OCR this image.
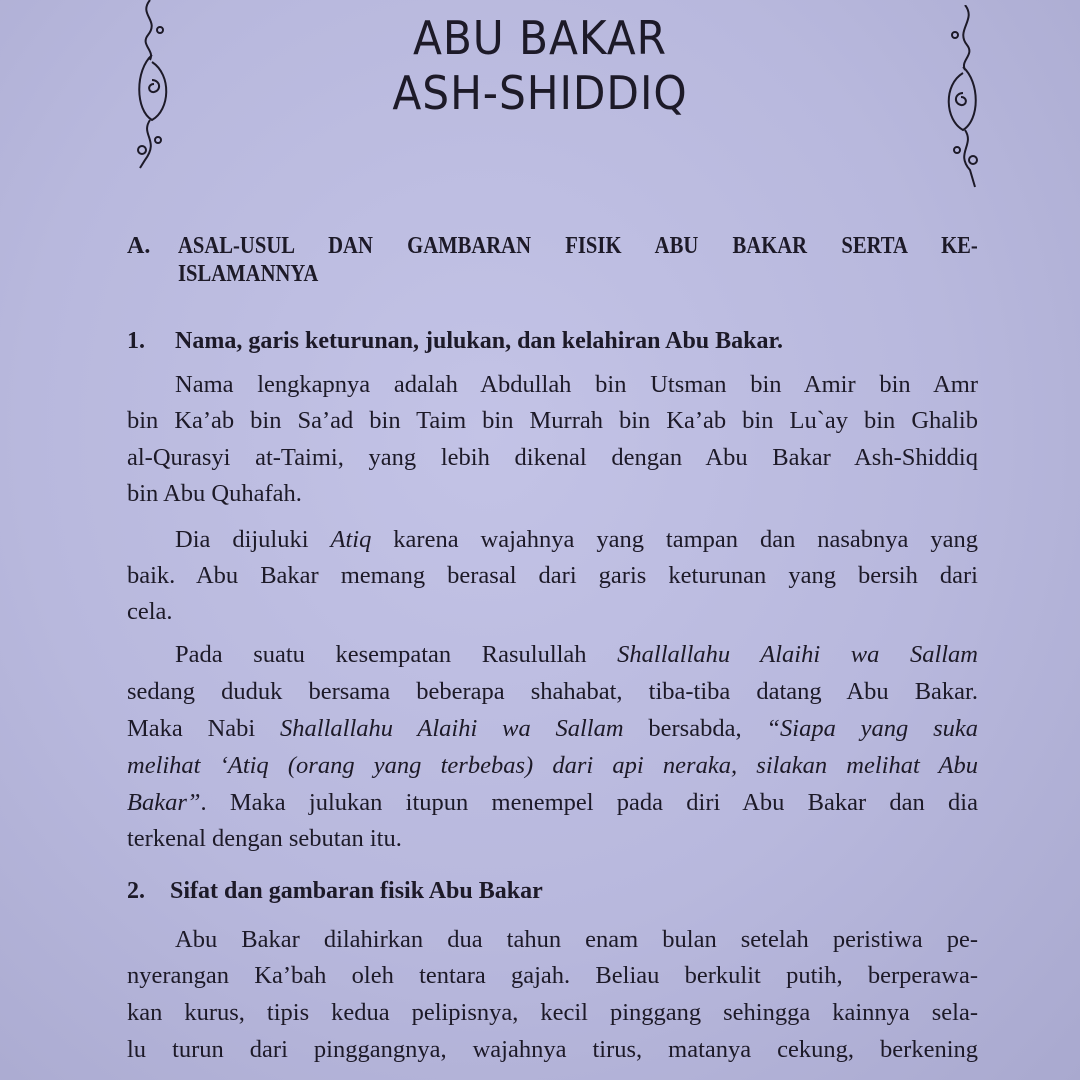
ABU BAKAR
ASH-SHIDDIQ
A. ASAL-USUL DAN GAMBARAN FISIK ABU BAKAR SERTA KE-
ISLAMANNYA
1. Nama, garis keturunan, julukan, dan kelahiran Abu Bakar.
2. Sifat dan gambaran fisik Abu Bakar
Nama lengkapnya adalah Abdullah bin Utsman bin Amir bin Amr
bin Ka’ab bin Sa’ad bin Taim bin Murrah bin Ka’ab bin Lu`ay bin Ghalib
al-Qurasyi at-Taimi, yang lebih dikenal dengan Abu Bakar Ash-Shiddiq
bin Abu Quhafah.
Dia dijuluki Atiq karena wajahnya yang tampan dan nasabnya yang
baik. Abu Bakar memang berasal dari garis keturunan yang bersih dari
cela.
Pada suatu kesempatan Rasulullah Shallallahu Alaihi wa Sallam
sedang duduk bersama beberapa shahabat, tiba-tiba datang Abu Bakar.
Maka Nabi Shallallahu Alaihi wa Sallam bersabda, “Siapa yang suka
melihat ‘Atiq (orang yang terbebas) dari api neraka, silakan melihat Abu
Bakar”. Maka julukan itupun menempel pada diri Abu Bakar dan dia
terkenal dengan sebutan itu.
Abu Bakar dilahirkan dua tahun enam bulan setelah peristiwa pe-
nyerangan Ka’bah oleh tentara gajah. Beliau berkulit putih, berperawa-
kan kurus, tipis kedua pelipisnya, kecil pinggang sehingga kainnya sela-
lu turun dari pinggangnya, wajahnya tirus, matanya cekung, berkening
